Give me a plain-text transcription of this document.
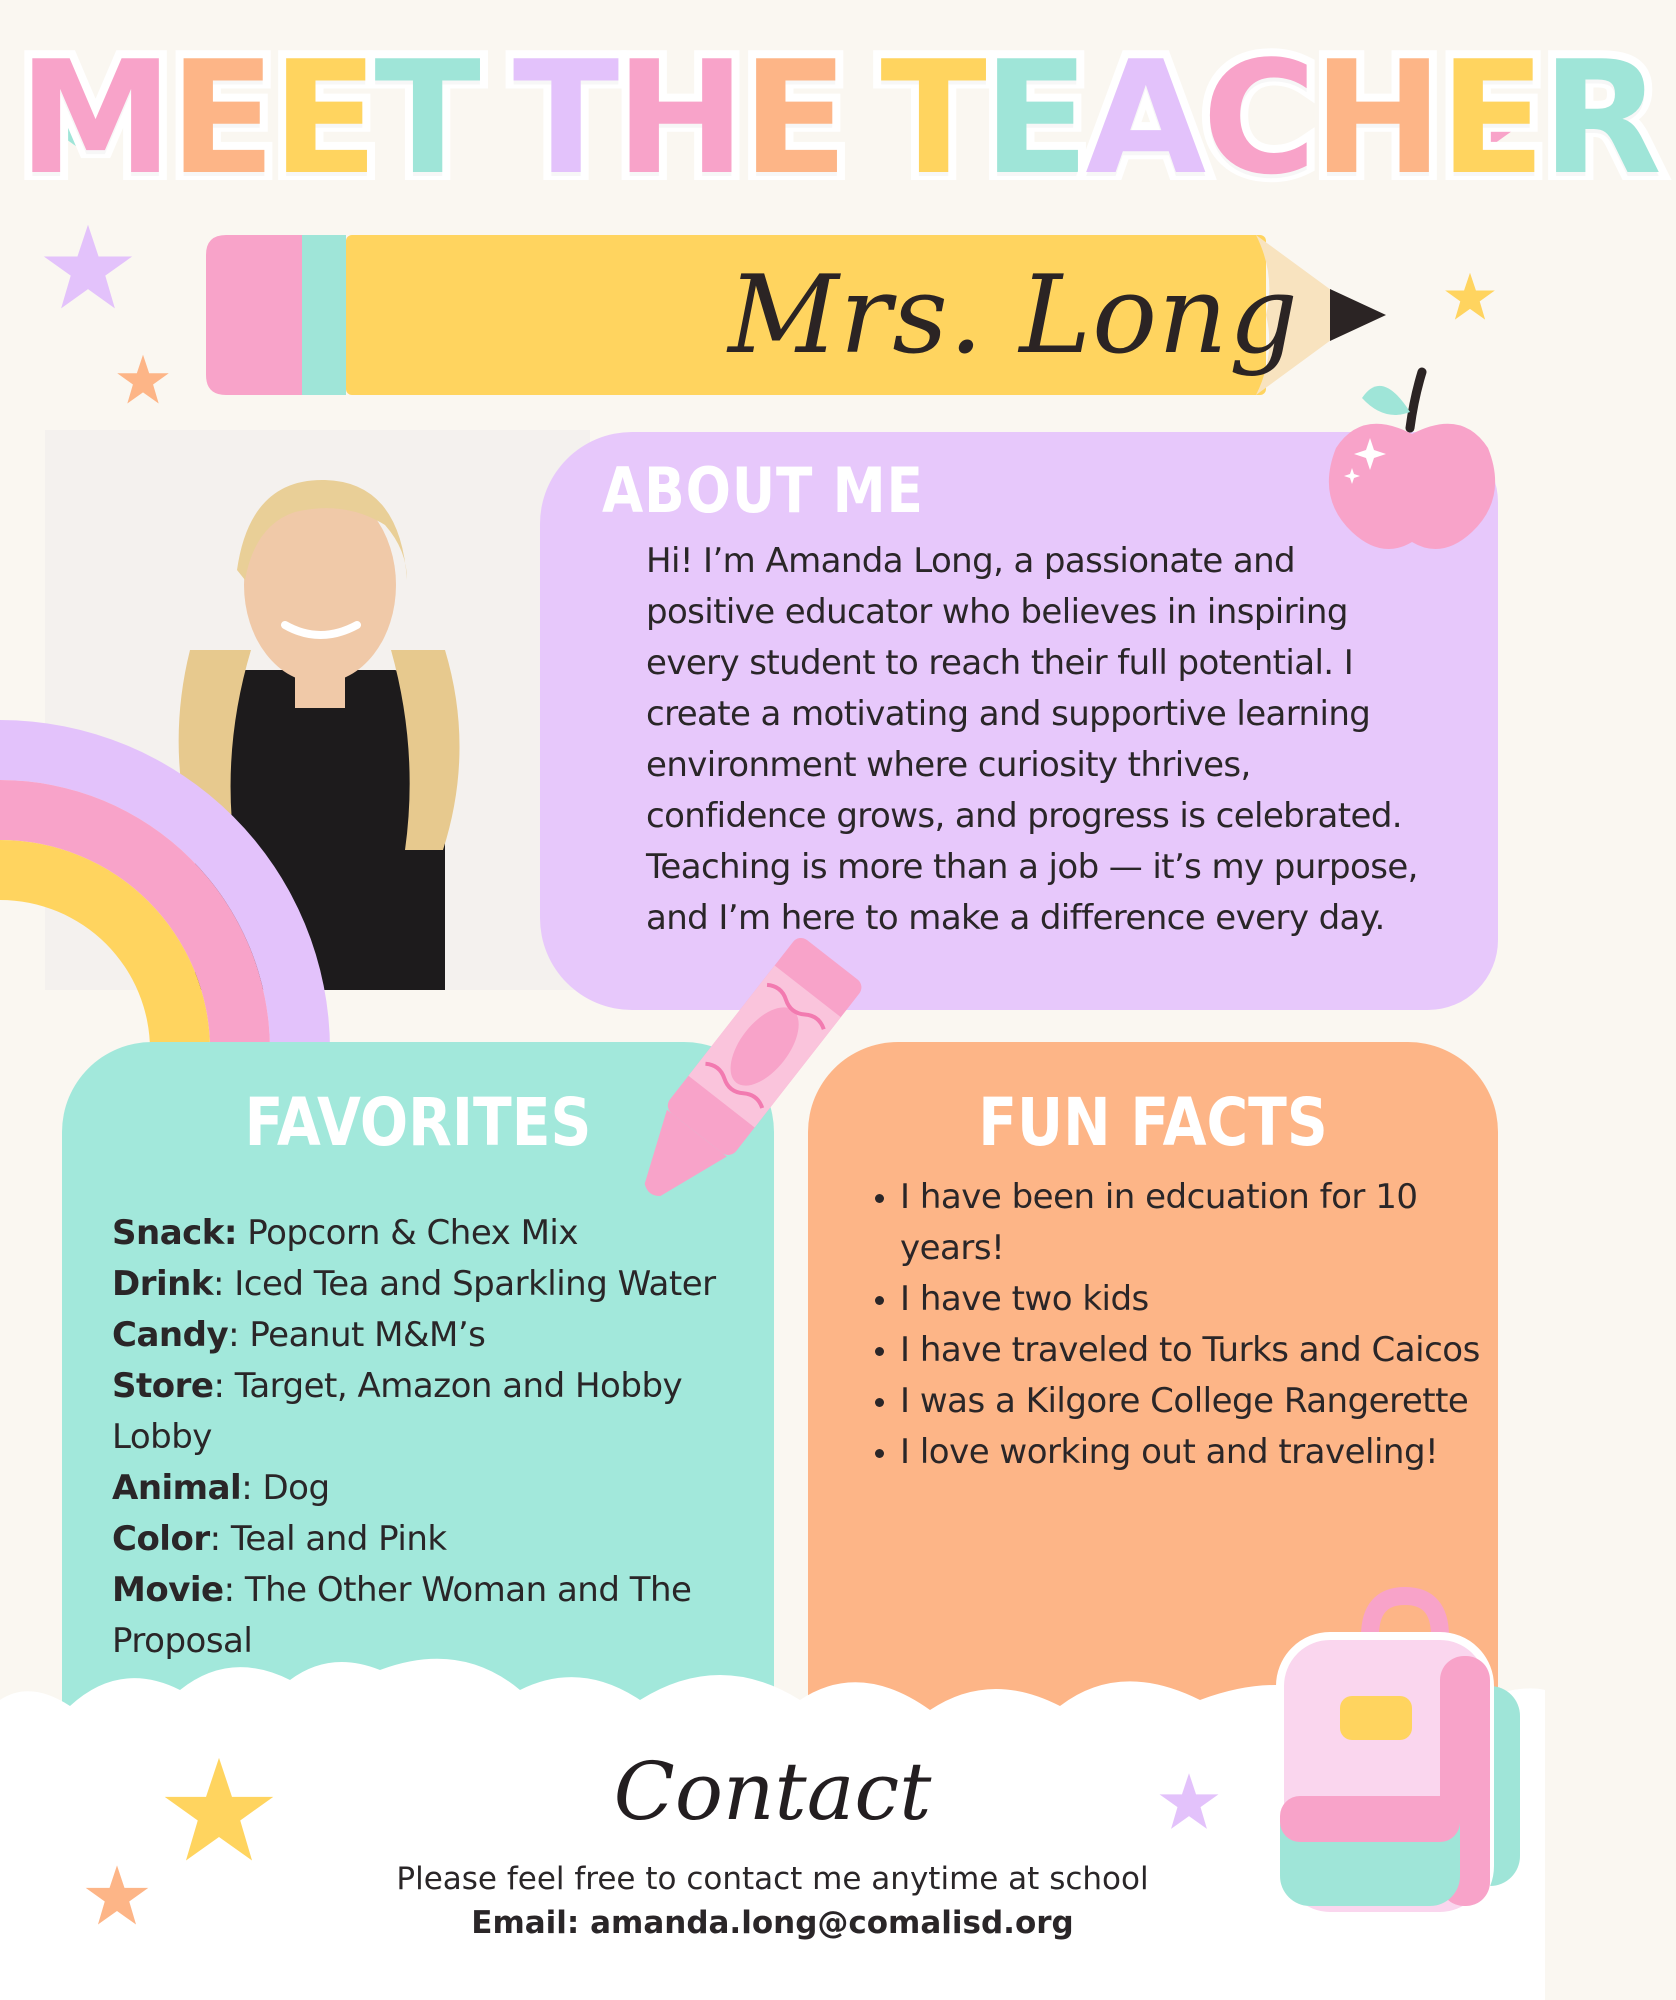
MEET THE TEACHER
Mrs. Long
ABOUT ME
Hi! I’m Amanda Long, a passionate and
positive educator who believes in inspiring
every student to reach their full potential. I
create a motivating and supportive learning
environment where curiosity thrives,
confidence grows, and progress is celebrated.
Teaching is more than a job — it’s my purpose,
and I’m here to make a difference every day.
FAVORITES
Snack: Popcorn & Chex Mix
Drink: Iced Tea and Sparkling Water
Candy: Peanut M&M’s
Store: Target, Amazon and Hobby Lobby
Animal: Dog
Color: Teal and Pink
Movie: The Other Woman and The Proposal
FUN FACTS
• I have been in edcuation for 10 years!
• I have two kids
• I have traveled to Turks and Caicos
• I was a Kilgore College Rangerette
• I love working out and traveling!
Contact
Please feel free to contact me anytime at school
Email: amanda.long@comalisd.org
